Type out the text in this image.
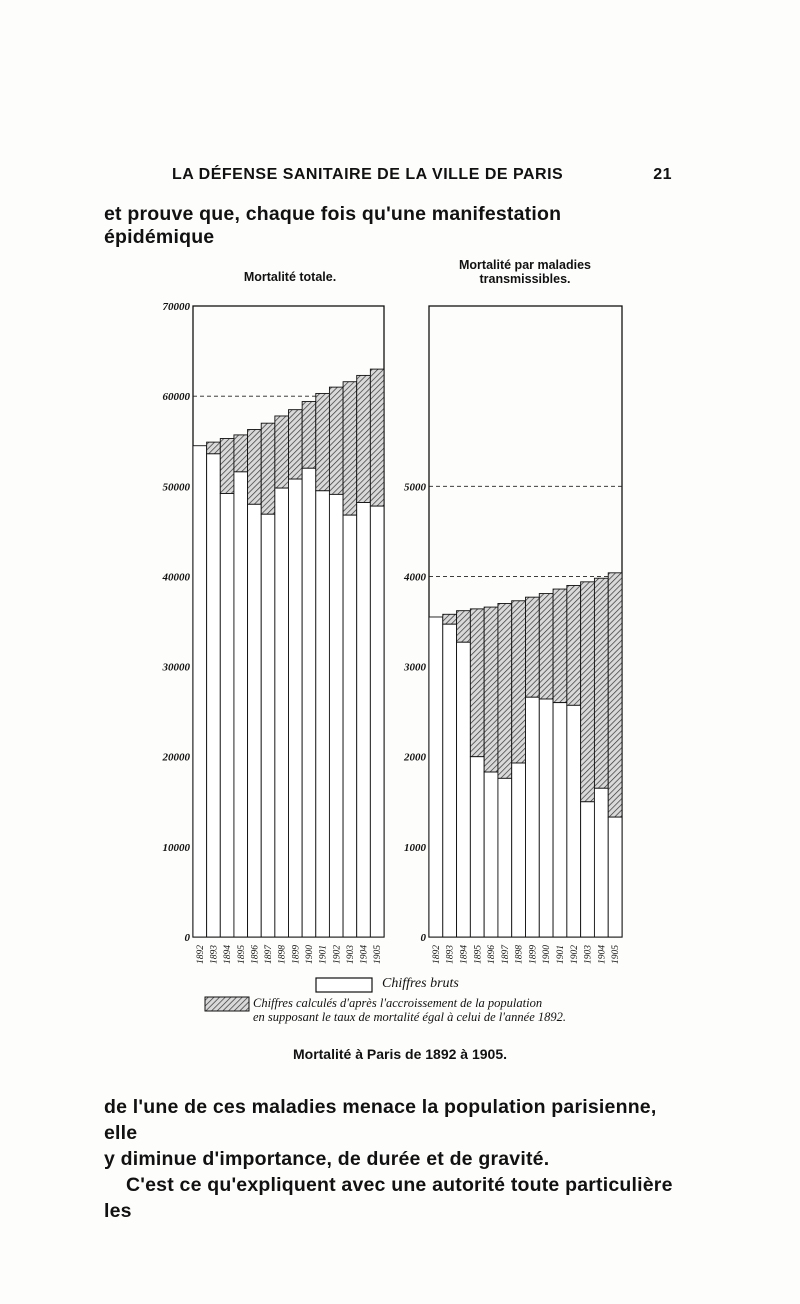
LA DÉFENSE SANITAIRE DE LA VILLE DE PARIS	21
et prouve que, chaque fois qu'une manifestation épidémique
Mortalité totale.
Mortalité par maladies transmissibles.
0
10000
20000
30000
40000
50000
60000
70000
1892 1893 1894 1895 1896 1897 1898 1899 1900 1901 1902 1903 1904 1905
0
1000
2000
3000
4000
5000
1892 1893 1894 1895 1896 1897 1898 1899 1900 1901 1902 1903 1904 1905
Chiffres bruts
Chiffres calculés d'après l'accroissement de la population
en supposant le taux de mortalité égal à celui de l'année 1892.
Mortalité à Paris de 1892 à 1905.
de l'une de ces maladies menace la population parisienne, elle
y diminue d'importance, de durée et de gravité.
C'est ce qu'expliquent avec une autorité toute particulière les
